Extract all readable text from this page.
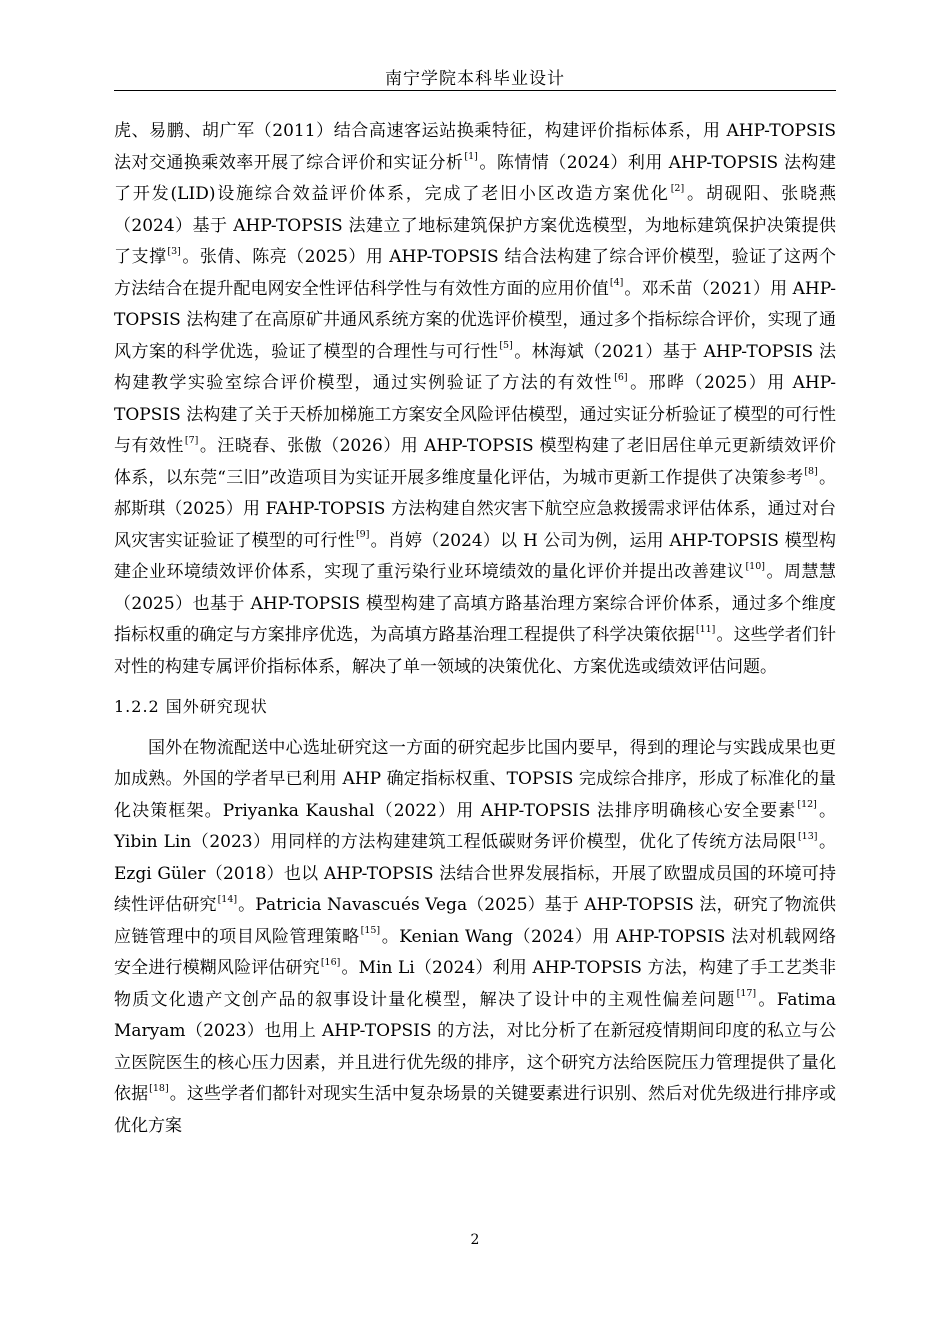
南宁学院本科毕业设计

虎、易鹏、胡广军（2011）结合高速客运站换乘特征，构建评价指标体系，用 AHP-TOPSIS 法对交通换乘效率开展了综合评价和实证分析[1]。陈情情（2024）利用 AHP-TOPSIS 法构建了开发(LID)设施综合效益评价体系，完成了老旧小区改造方案优化[2]。胡砚阳、张晓燕（2024）基于 AHP-TOPSIS 法建立了地标建筑保护方案优选模型，为地标建筑保护决策提供了支撑[3]。张倩、陈亮（2025）用 AHP-TOPSIS 结合法构建了综合评价模型，验证了这两个方法结合在提升配电网安全性评估科学性与有效性方面的应用价值[4]。邓禾苗（2021）用 AHP-TOPSIS 法构建了在高原矿井通风系统方案的优选评价模型，通过多个指标综合评价，实现了通风方案的科学优选，验证了模型的合理性与可行性[5]。林海斌（2021）基于 AHP-TOPSIS 法构建教学实验室综合评价模型，通过实例验证了方法的有效性[6]。邢晔（2025）用 AHP-TOPSIS 法构建了关于天桥加梯施工方案安全风险评估模型，通过实证分析验证了模型的可行性与有效性[7]。汪晓春、张傲（2026）用 AHP-TOPSIS 模型构建了老旧居住单元更新绩效评价体系，以东莞“三旧”改造项目为实证开展多维度量化评估，为城市更新工作提供了决策参考[8]。郝斯琪（2025）用 FAHP-TOPSIS 方法构建自然灾害下航空应急救援需求评估体系，通过对台风灾害实证验证了模型的可行性[9]。肖婷（2024）以 H 公司为例，运用 AHP-TOPSIS 模型构建企业环境绩效评价体系，实现了重污染行业环境绩效的量化评价并提出改善建议[10]。周慧慧（2025）也基于 AHP-TOPSIS 模型构建了高填方路基治理方案综合评价体系，通过多个维度指标权重的确定与方案排序优选，为高填方路基治理工程提供了科学决策依据[11]。这些学者们针对性的构建专属评价指标体系，解决了单一领域的决策优化、方案优选或绩效评估问题。

1.2.2 国外研究现状

国外在物流配送中心选址研究这一方面的研究起步比国内要早，得到的理论与实践成果也更加成熟。外国的学者早已利用 AHP 确定指标权重、TOPSIS 完成综合排序，形成了标准化的量化决策框架。Priyanka Kaushal（2022）用 AHP-TOPSIS 法排序明确核心安全要素[12]。Yibin Lin（2023）用同样的方法构建建筑工程低碳财务评价模型，优化了传统方法局限[13]。Ezgi Güler（2018）也以 AHP-TOPSIS 法结合世界发展指标，开展了欧盟成员国的环境可持续性评估研究[14]。Patricia Navascués Vega（2025）基于 AHP-TOPSIS 法，研究了物流供应链管理中的项目风险管理策略[15]。Kenian Wang（2024）用 AHP-TOPSIS 法对机载网络安全进行模糊风险评估研究[16]。Min Li（2024）利用 AHP-TOPSIS 方法，构建了手工艺类非物质文化遗产文创产品的叙事设计量化模型，解决了设计中的主观性偏差问题[17]。Fatima Maryam（2023）也用上 AHP-TOPSIS 的方法，对比分析了在新冠疫情期间印度的私立与公立医院医生的核心压力因素，并且进行优先级的排序，这个研究方法给医院压力管理提供了量化依据[18]。这些学者们都针对现实生活中复杂场景的关键要素进行识别、然后对优先级进行排序或优化方案

2
